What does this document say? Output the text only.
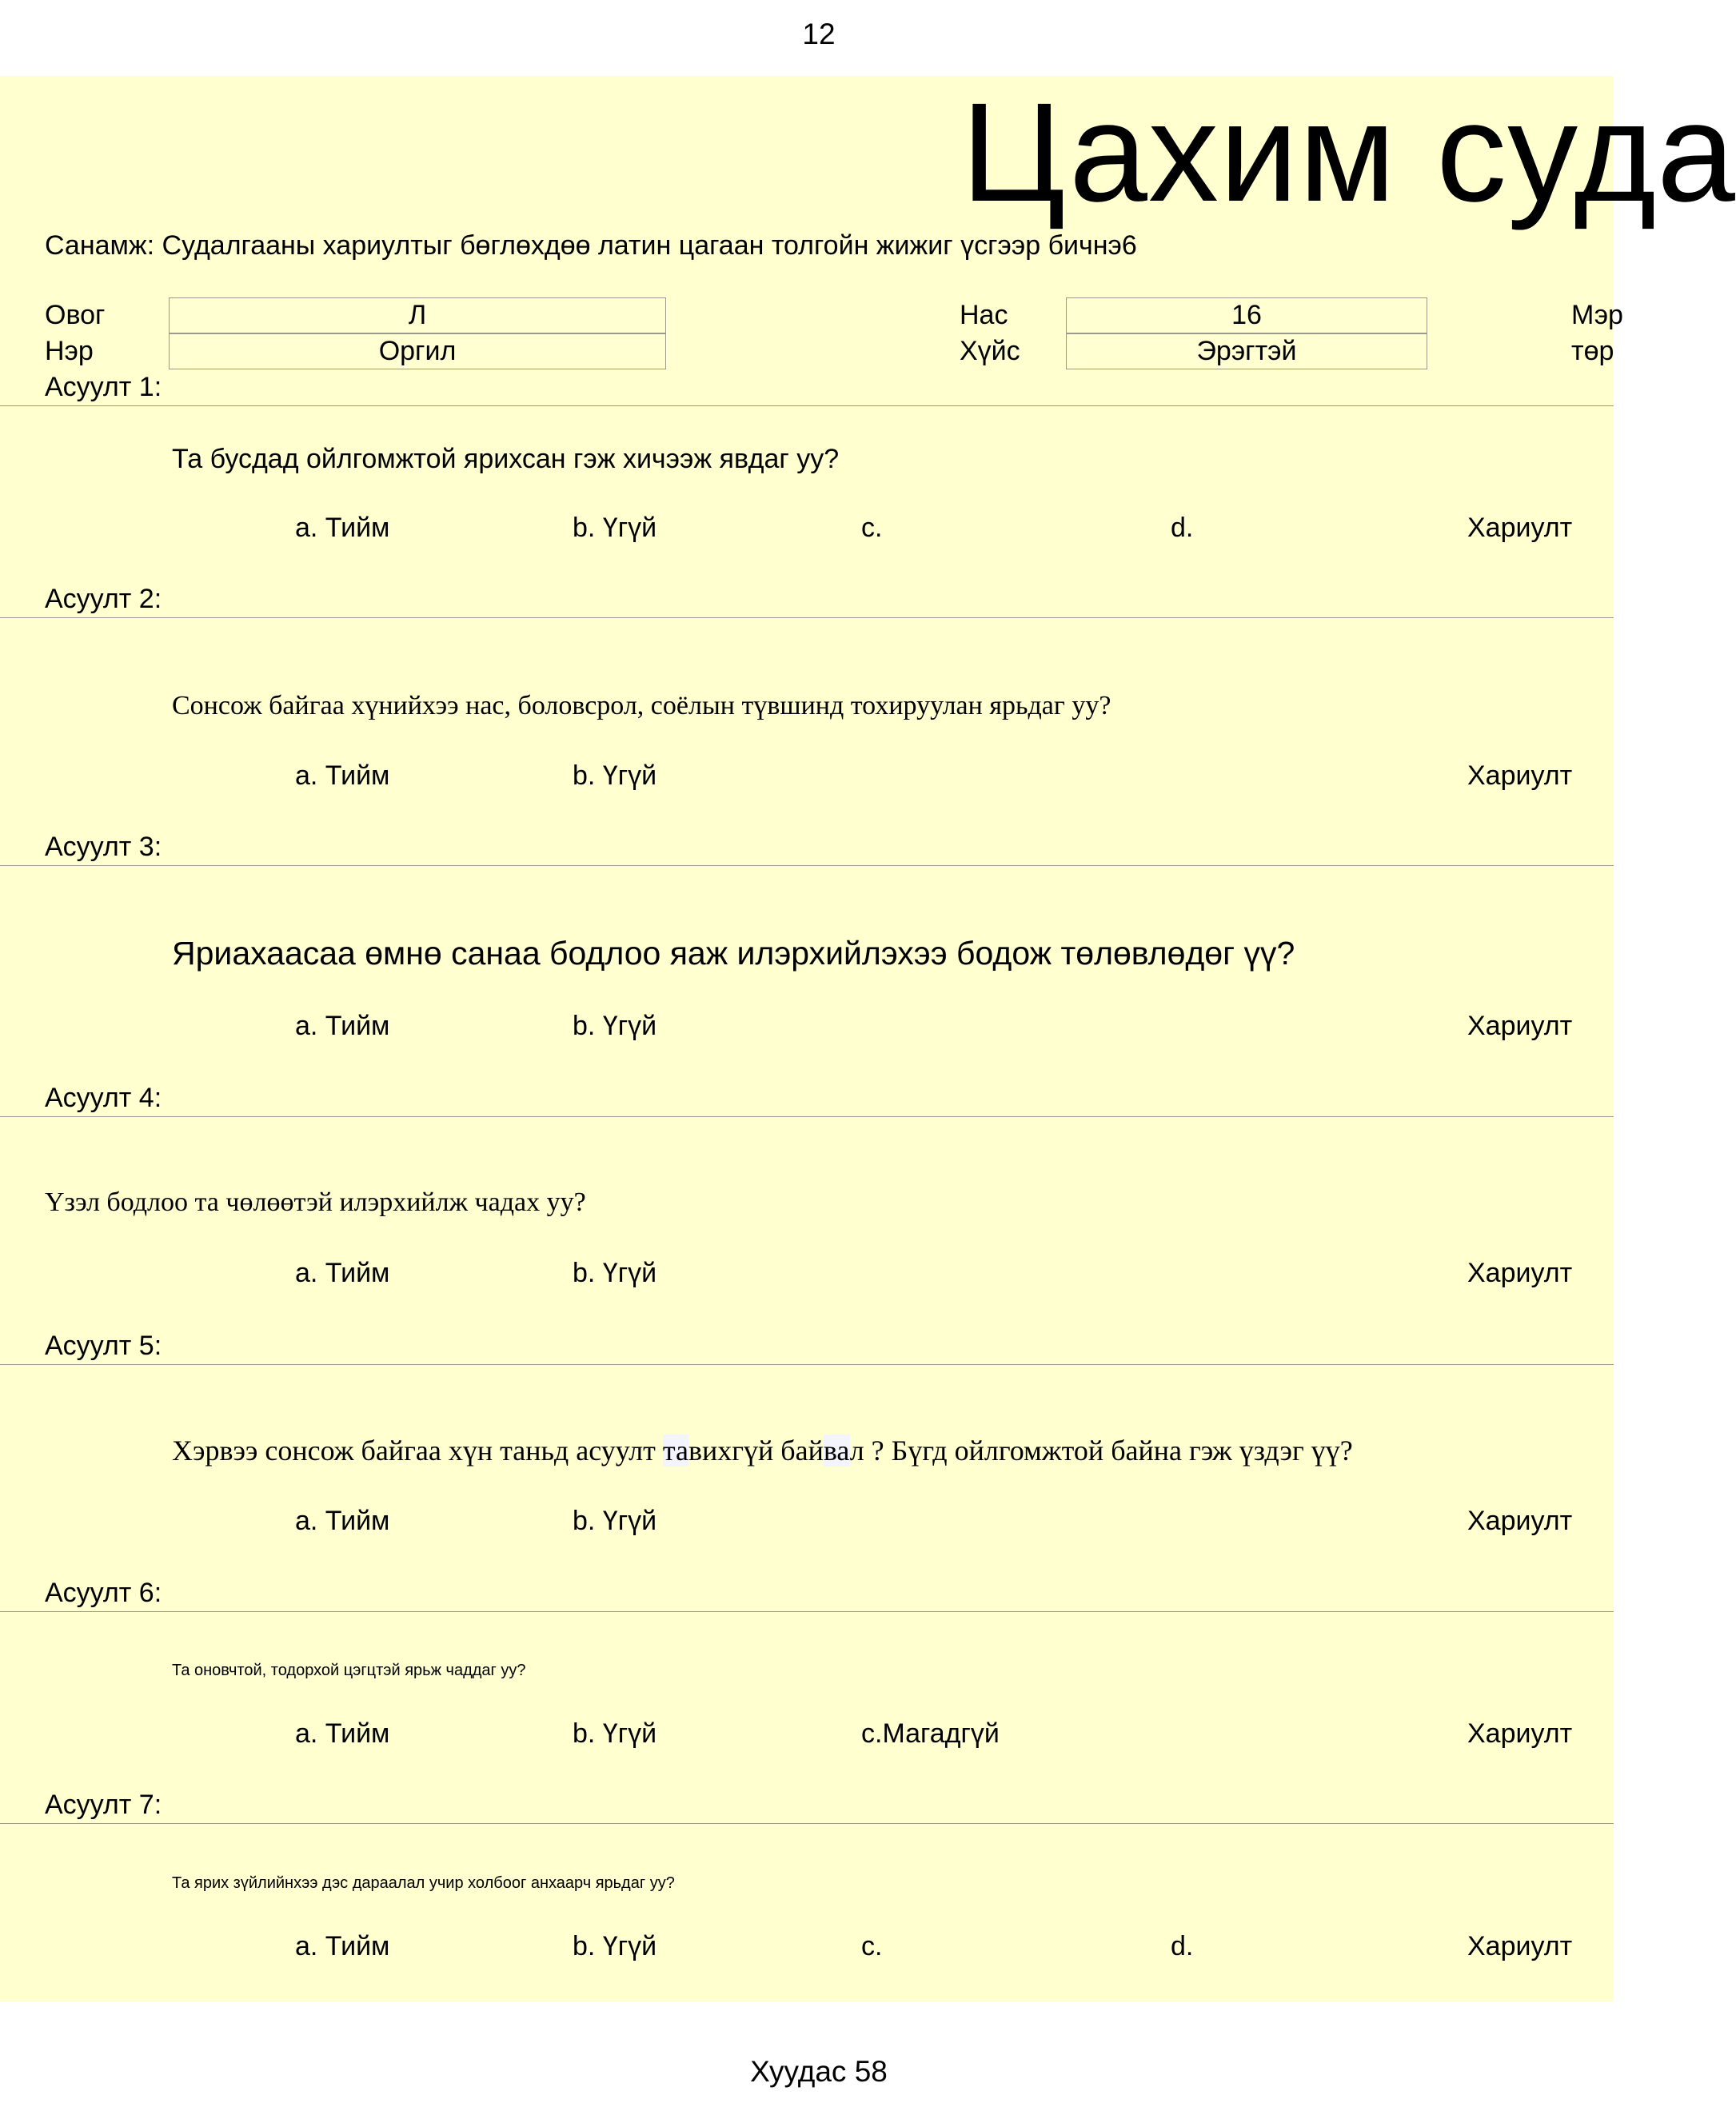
12
Цахим суда
Санамж: Судалгааны хариултыг бөглөхдөө латин цагаан толгойн жижиг үсгээр бичнэ6
Овог	Л
Нэр	Оргил
Нас	16
Хүйс	Эрэгтэй
Мэр
төр
Асуулт 1:
Та бусдад ойлгомжтой ярихсан гэж хичээж явдаг уу?
a. Тийм	b. Үгүй	c.	d.	Хариулт
Асуулт 2:
Сонсож байгаа хүнийхээ нас, боловсрол, соёлын түвшинд тохируулан ярьдаг уу?
a. Тийм	b. Үгүй	Хариулт
Асуулт 3:
Яриахаасаа өмнө санаа бодлоо яаж илэрхийлэхээ бодож төлөвлөдөг үү?
a. Тийм	b. Үгүй	Хариулт
Асуулт 4:
Үзэл бодлоо та чөлөөтэй илэрхийлж чадах уу?
a. Тийм	b. Үгүй	Хариулт
Асуулт 5:
Хэрвээ сонсож байгаа хүн таньд асуулт тавихгүй байвал ? Бүгд ойлгомжтой байна гэж үздэг үү?
a. Тийм	b. Үгүй	Хариулт
Асуулт 6:
Та оновчтой, тодорхой цэгцтэй ярьж чаддаг уу?
a. Тийм	b. Үгүй	c.Магадгүй	Хариулт
Асуулт 7:
Та ярих зүйлийнхээ дэс дараалал учир холбоог анхаарч ярьдаг уу?
a. Тийм	b. Үгүй	c.	d.	Хариулт
Хуудас 58
